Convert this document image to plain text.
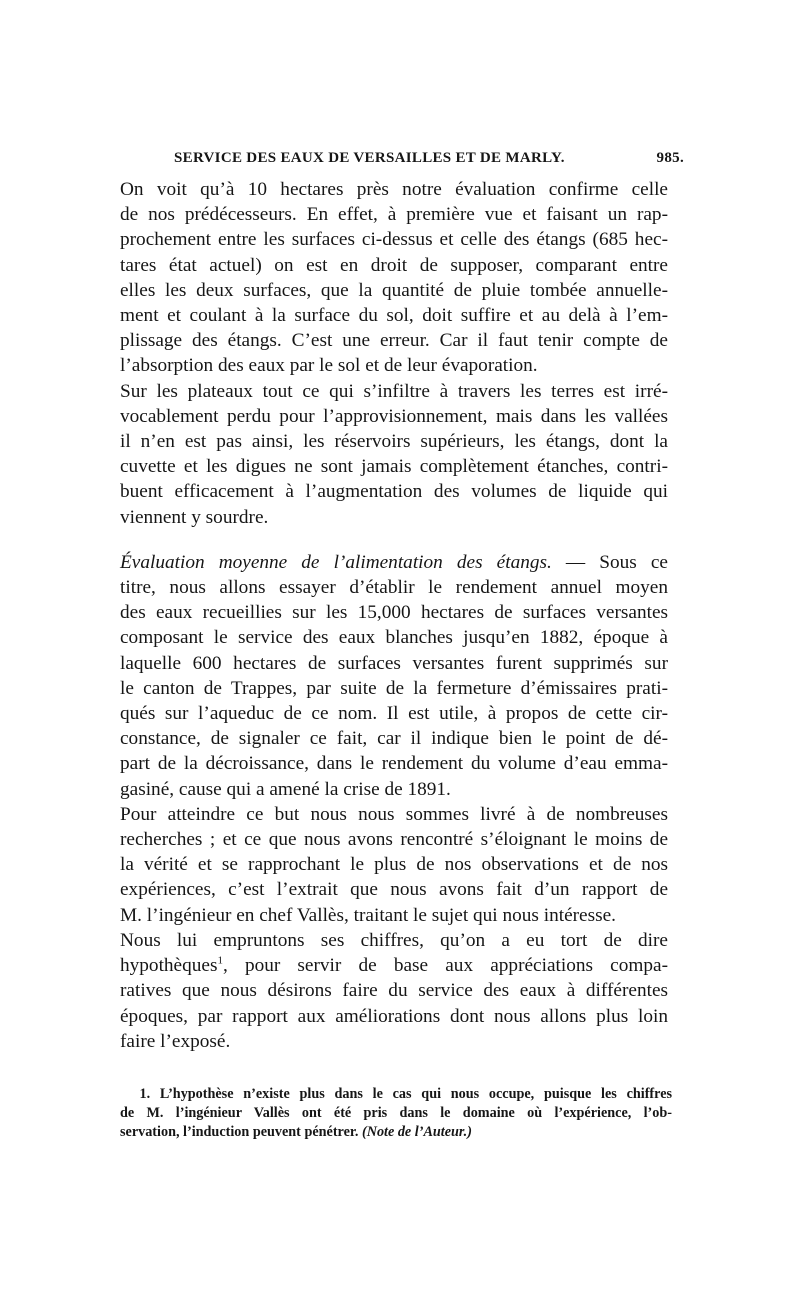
SERVICE DES EAUX DE VERSAILLES ET DE MARLY.	985.

On voit qu’à 10 hectares près notre évaluation confirme celle
de nos prédécesseurs. En effet, à première vue et faisant un rap-
prochement entre les surfaces ci-dessus et celle des étangs (685 hec-
tares état actuel) on est en droit de supposer, comparant entre
elles les deux surfaces, que la quantité de pluie tombée annuelle-
ment et coulant à la surface du sol, doit suffire et au delà à l’em-
plissage des étangs. C’est une erreur. Car il faut tenir compte de
l’absorption des eaux par le sol et de leur évaporation.

Sur les plateaux tout ce qui s’infiltre à travers les terres est irré-
vocablement perdu pour l’approvisionnement, mais dans les vallées
il n’en est pas ainsi, les réservoirs supérieurs, les étangs, dont la
cuvette et les digues ne sont jamais complètement étanches, contri-
buent efficacement à l’augmentation des volumes de liquide qui
viennent y sourdre.

Évaluation moyenne de l’alimentation des étangs. — Sous ce
titre, nous allons essayer d’établir le rendement annuel moyen
des eaux recueillies sur les 15,000 hectares de surfaces versantes
composant le service des eaux blanches jusqu’en 1882, époque à
laquelle 600 hectares de surfaces versantes furent supprimés sur
le canton de Trappes, par suite de la fermeture d’émissaires prati-
qués sur l’aqueduc de ce nom. Il est utile, à propos de cette cir-
constance, de signaler ce fait, car il indique bien le point de dé-
part de la décroissance, dans le rendement du volume d’eau emma-
gasiné, cause qui a amené la crise de 1891.

Pour atteindre ce but nous nous sommes livré à de nombreuses
recherches ; et ce que nous avons rencontré s’éloignant le moins de
la vérité et se rapprochant le plus de nos observations et de nos
expériences, c’est l’extrait que nous avons fait d’un rapport de
M. l’ingénieur en chef Vallès, traitant le sujet qui nous intéresse.

Nous lui empruntons ses chiffres, qu’on a eu tort de dire
hypothèques$^1$, pour servir de base aux appréciations compa-
ratives que nous désirons faire du service des eaux à différentes
époques, par rapport aux améliorations dont nous allons plus loin
faire l’exposé.

1. L’hypothèse n’existe plus dans le cas qui nous occupe, puisque les chiffres
de M. l’ingénieur Vallès ont été pris dans le domaine où l’expérience, l’ob-
servation, l’induction peuvent pénétrer. (Note de l’Auteur.)
